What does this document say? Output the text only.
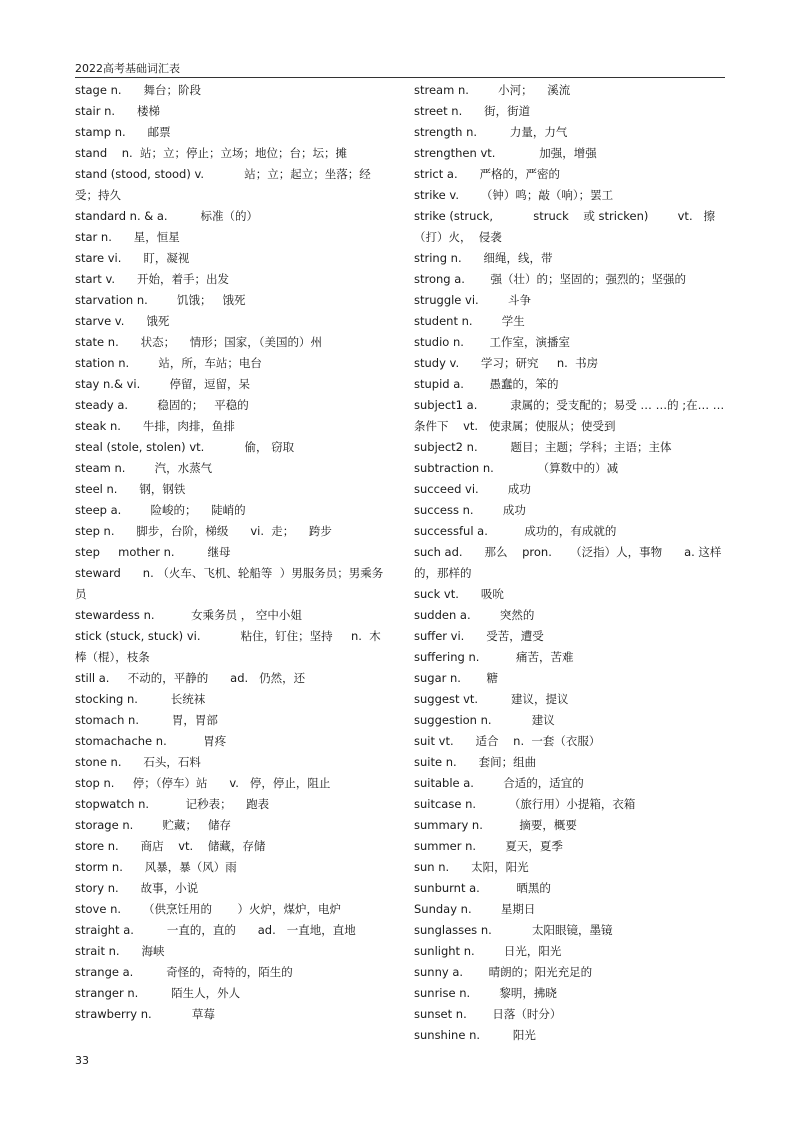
2022高考基础词汇表
stage n.      舞台；阶段
stair n.      楼梯
stamp n.      邮票
stand    n.  站；立；停止；立场；地位；台；坛；摊
stand (stood, stood) v.           站；立；起立；坐落；经受；持久
standard n. & a.         标准（的）
star n.      星，恒星
stare vi.      盯，凝视
start v.      开始，着手；出发
starvation n.        饥饿；   饿死
starve v.      饿死
state n.      状态；    情形；国家，（美国的）州
station n.        站，所，车站；电台
stay n.& vi.        停留，逗留，呆
steady a.        稳固的；   平稳的
steak n.      牛排，肉排，鱼排
steal (stole, stolen) vt.           偷， 窃取
steam n.        汽，水蒸气
steel n.      钢，钢铁
steep a.        险峻的；    陡峭的
step n.      脚步，台阶，梯级      vi.  走；    跨步
step     mother n.         继母
steward      n. （火车、飞机、轮船等  ）男服务员；男乘务员
stewardess n.          女乘务员 ， 空中小姐
stick (stuck, stuck) vi.           粘住，钉住；坚持     n.  木棒（棍），枝条
still a.     不动的，平静的      ad.   仍然，还
stocking n.         长统袜
stomach n.         胃，胃部
stomachache n.          胃疼
stone n.      石头，石料
stop n.     停；（停车）站      v.   停，停止，阻止
stopwatch n.          记秒表；    跑表
storage n.        贮藏；   储存
store n.      商店    vt.    储藏，存储
storm n.      风暴，暴（风）雨
story n.      故事，小说
stove n.      （供烹饪用的       ）火炉，煤炉，电炉
straight a.         一直的，直的      ad.   一直地，直地
strait n.      海峡
strange a.         奇怪的，奇特的，陌生的
stranger n.         陌生人，外人
strawberry n.           草莓
stream n.        小河；    溪流
street n.      街，街道
strength n.         力量，力气
strengthen vt.            加强，增强
strict a.      严格的，严密的
strike v.      （钟）鸣；敲（响）；罢工
strike (struck,           struck    或 stricken)        vt.   擦（打）火，  侵袭
string n.      细绳，线，带
strong a.       强（壮）的；坚固的；强烈的；坚强的
struggle vi.        斗争
student n.        学生
studio n.       工作室，演播室
study v.      学习；研究     n.  书房
stupid a.       愚蠢的，笨的
subject1 a.         隶属的；受支配的；易受 … …的 ;在… …条件下    vt.   使隶属；使服从；使受到
subject2 n.         题目；主题；学科；主语；主体
subtraction n.            （算数中的）减
succeed vi.        成功
success n.        成功
successful a.          成功的，有成就的
such ad.      那么    pron.     （泛指）人，事物      a. 这样的，那样的
suck vt.      吸吮
sudden a.        突然的
suffer vi.      受苦，遭受
suffering n.          痛苦，苦难
sugar n.       糖
suggest vt.         建议，提议
suggestion n.           建议
suit vt.      适合    n.  一套（衣服）
suite n.      套间；组曲
suitable a.        合适的，适宜的
suitcase n.         （旅行用）小提箱，衣箱
summary n.          摘要，概要
summer n.        夏天，夏季
sun n.      太阳，阳光
sunburnt a.          晒黑的
Sunday n.        星期日
sunglasses n.           太阳眼镜，墨镜
sunlight n.        日光，阳光
sunny a.       晴朗的；阳光充足的
sunrise n.        黎明，拂晓
sunset n.       日落（时分）
sunshine n.         阳光
33
